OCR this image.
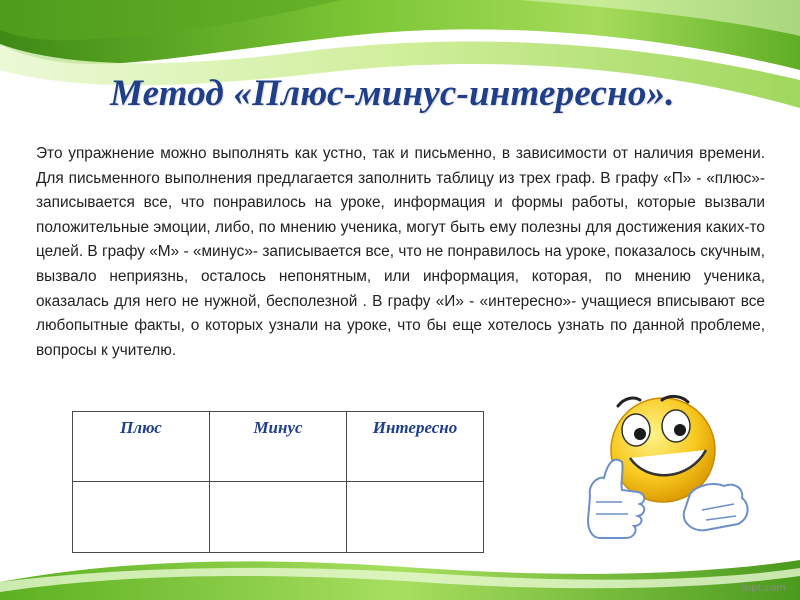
Метод «Плюс-минус-интересно».

Это упражнение можно выполнять как устно, так и письменно, в зависимости от наличия времени. Для письменного выполнения предлагается заполнить таблицу из трех граф. В графу «П» - «плюс»- записывается все, что понравилось на уроке, информация и формы работы, которые вызвали положительные эмоции, либо, по мнению ученика, могут быть ему полезны для достижения каких-то целей. В графу «М» - «минус»- записывается все, что не понравилось на уроке, показалось скучным, вызвало неприязнь, осталось непонятным, или информация, которая, по мнению ученика, оказалась для него не нужной, бесполезной . В графу «И» - «интересно»- учащиеся вписывают все любопытные факты, о которых узнали на уроке, что бы еще хотелось узнать по данной проблеме, вопросы к учителю.

Плюс	Минус	Интересно

fppt.com
